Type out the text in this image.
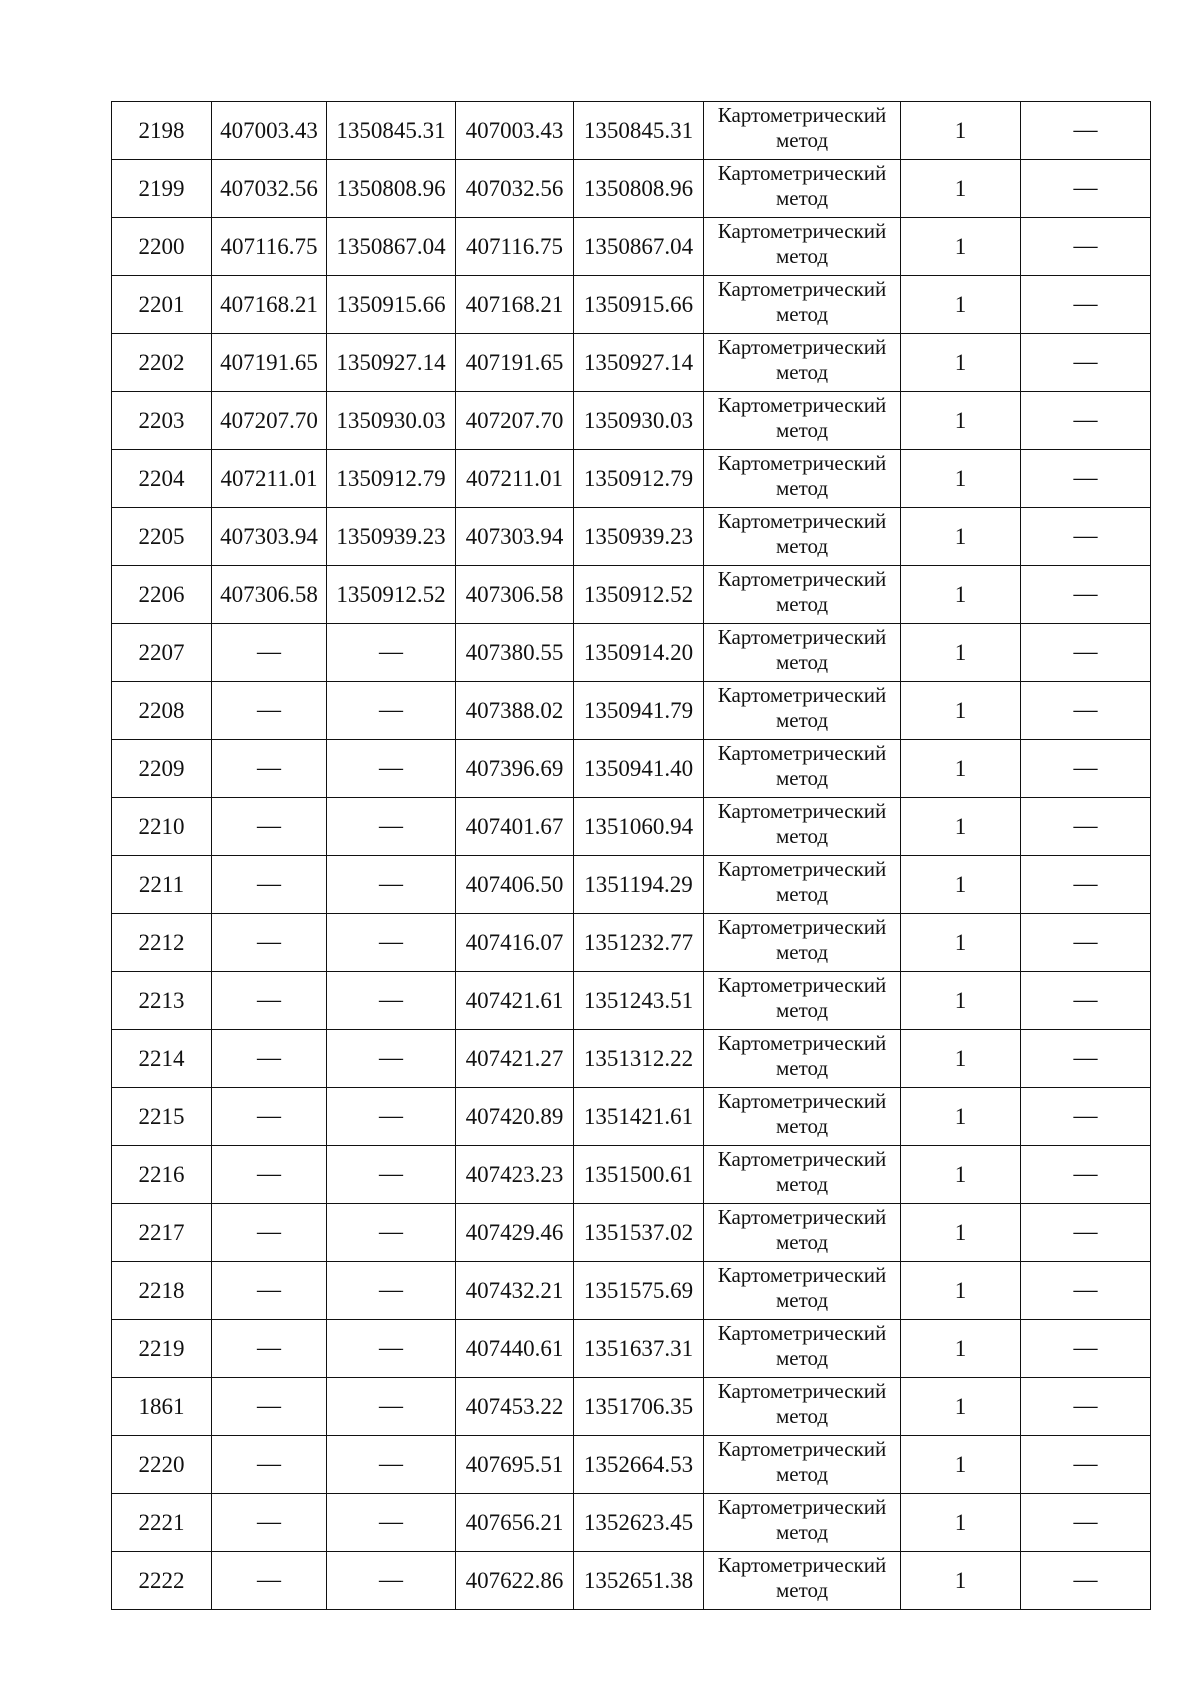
2198	407003.43	1350845.31	407003.43	1350845.31	Картометрический метод	1	—
2199	407032.56	1350808.96	407032.56	1350808.96	Картометрический метод	1	—
2200	407116.75	1350867.04	407116.75	1350867.04	Картометрический метод	1	—
2201	407168.21	1350915.66	407168.21	1350915.66	Картометрический метод	1	—
2202	407191.65	1350927.14	407191.65	1350927.14	Картометрический метод	1	—
2203	407207.70	1350930.03	407207.70	1350930.03	Картометрический метод	1	—
2204	407211.01	1350912.79	407211.01	1350912.79	Картометрический метод	1	—
2205	407303.94	1350939.23	407303.94	1350939.23	Картометрический метод	1	—
2206	407306.58	1350912.52	407306.58	1350912.52	Картометрический метод	1	—
2207	—	—	407380.55	1350914.20	Картометрический метод	1	—
2208	—	—	407388.02	1350941.79	Картометрический метод	1	—
2209	—	—	407396.69	1350941.40	Картометрический метод	1	—
2210	—	—	407401.67	1351060.94	Картометрический метод	1	—
2211	—	—	407406.50	1351194.29	Картометрический метод	1	—
2212	—	—	407416.07	1351232.77	Картометрический метод	1	—
2213	—	—	407421.61	1351243.51	Картометрический метод	1	—
2214	—	—	407421.27	1351312.22	Картометрический метод	1	—
2215	—	—	407420.89	1351421.61	Картометрический метод	1	—
2216	—	—	407423.23	1351500.61	Картометрический метод	1	—
2217	—	—	407429.46	1351537.02	Картометрический метод	1	—
2218	—	—	407432.21	1351575.69	Картометрический метод	1	—
2219	—	—	407440.61	1351637.31	Картометрический метод	1	—
1861	—	—	407453.22	1351706.35	Картометрический метод	1	—
2220	—	—	407695.51	1352664.53	Картометрический метод	1	—
2221	—	—	407656.21	1352623.45	Картометрический метод	1	—
2222	—	—	407622.86	1352651.38	Картометрический метод	1	—
